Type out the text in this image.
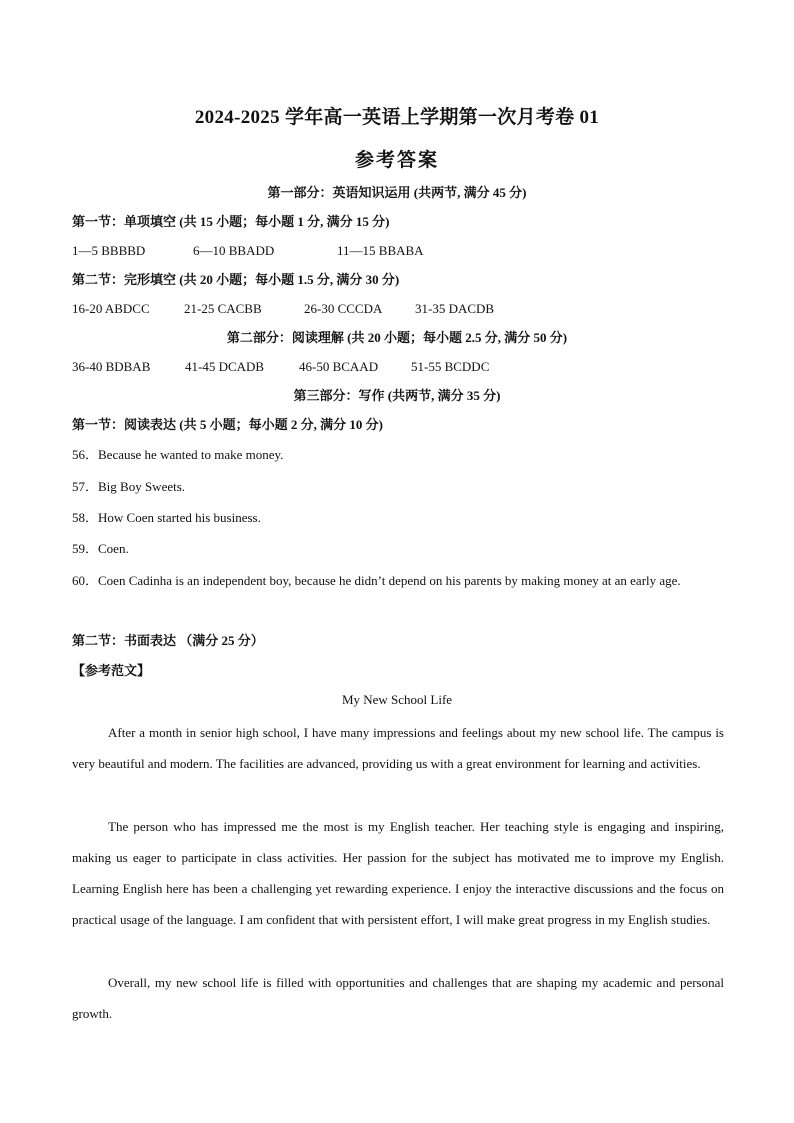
2024-2025 学年高一英语上学期第一次月考卷 01
参考答案
第一部分：英语知识运用 (共两节, 满分 45 分)
第一节：单项填空 (共 15 小题；每小题 1 分, 满分 15 分)
1—5 BBBBD	6—10 BBADD	11—15 BBABA
第二节：完形填空 (共 20 小题；每小题 1.5 分, 满分 30 分)
16-20 ABDCC	21-25 CACBB	26-30 CCCDA	31-35 DACDB
第二部分：阅读理解 (共 20 小题；每小题 2.5 分, 满分 50 分)
36-40 BDBAB	41-45 DCADB	46-50 BCAAD	51-55 BCDDC
第三部分：写作 (共两节, 满分 35 分)
第一节：阅读表达 (共 5 小题；每小题 2 分, 满分 10 分)
56．Because he wanted to make money.
57．Big Boy Sweets.
58．How Coen started his business.
59．Coen.
60．Coen Cadinha is an independent boy, because he didn’t depend on his parents by making money at an early age.
第二节：书面表达 （满分 25 分）
【参考范文】
My New School Life
After a month in senior high school, I have many impressions and feelings about my new school life. The campus is very beautiful and modern. The facilities are advanced, providing us with a great environment for learning and activities.
The person who has impressed me the most is my English teacher. Her teaching style is engaging and inspiring, making us eager to participate in class activities. Her passion for the subject has motivated me to improve my English. Learning English here has been a challenging yet rewarding experience. I enjoy the interactive discussions and the focus on practical usage of the language. I am confident that with persistent effort, I will make great progress in my English studies.
Overall, my new school life is filled with opportunities and challenges that are shaping my academic and personal growth.
